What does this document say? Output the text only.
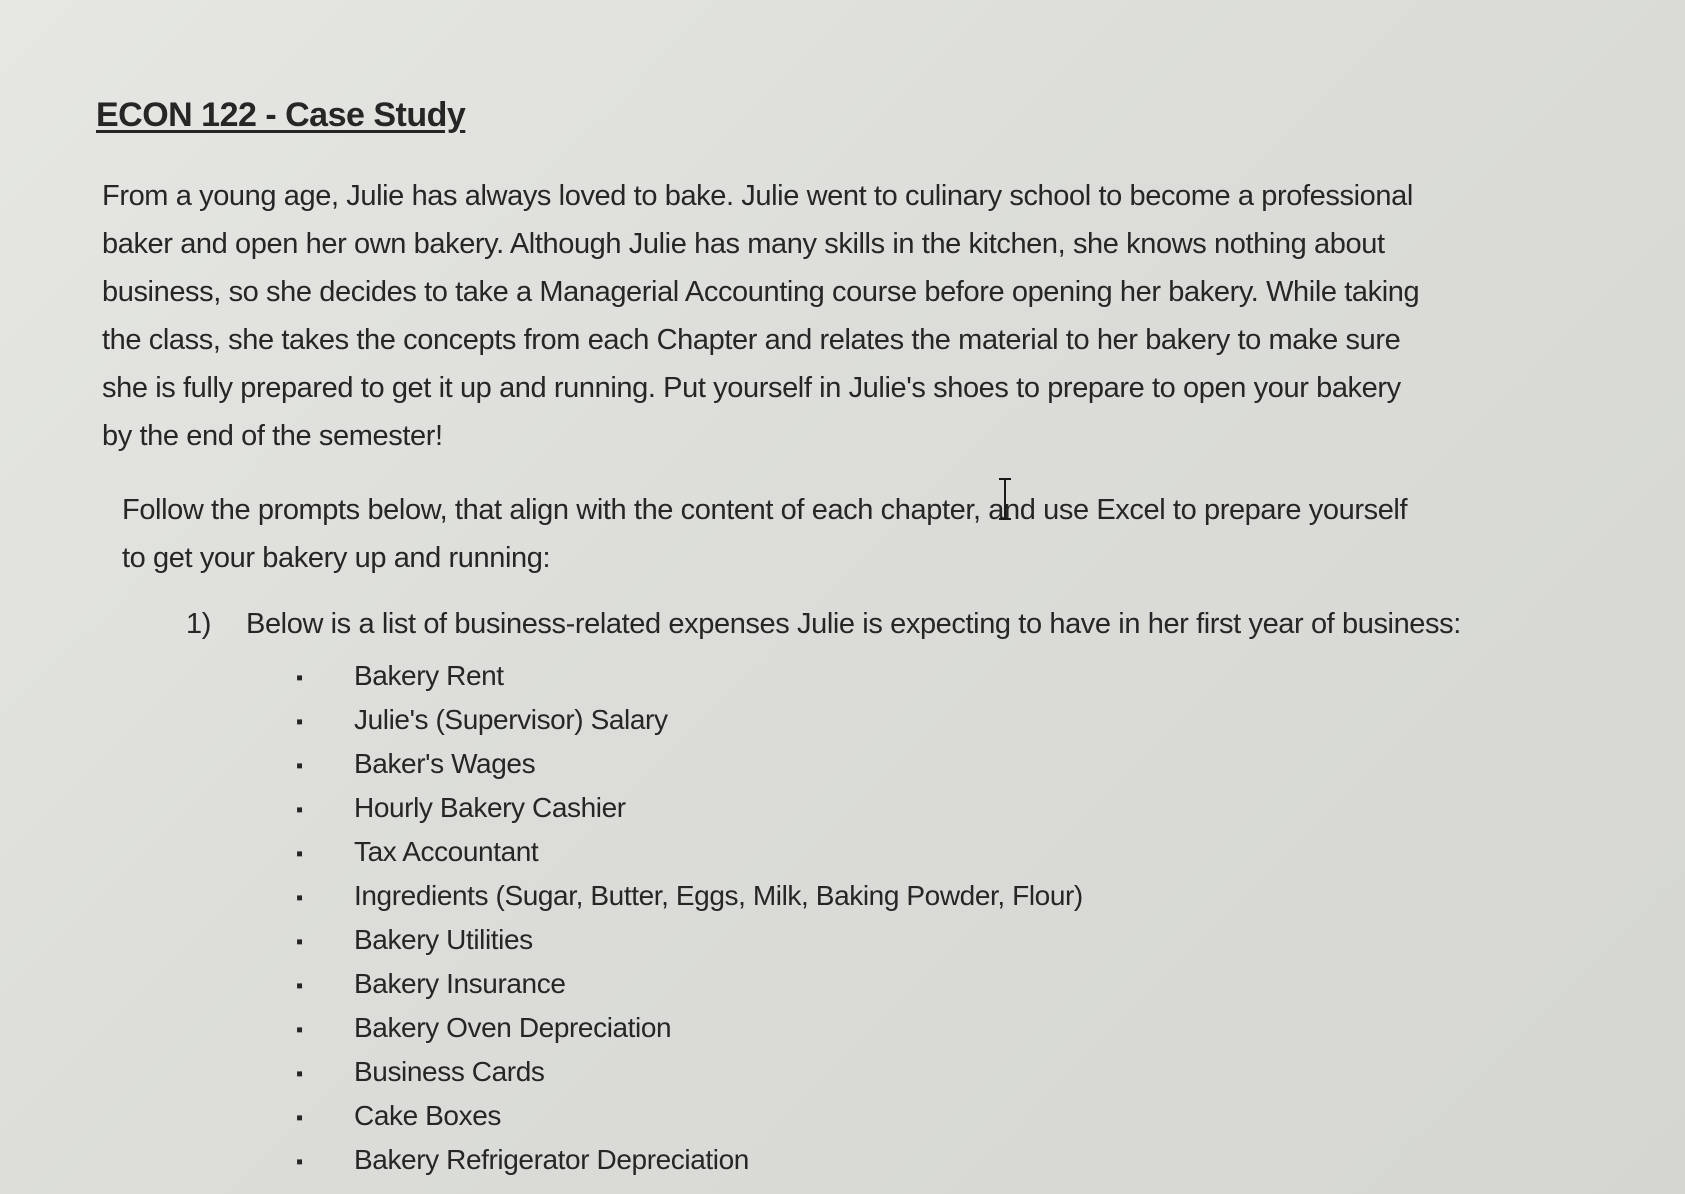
ECON 122 - Case Study
From a young age, Julie has always loved to bake. Julie went to culinary school to become a professional
baker and open her own bakery. Although Julie has many skills in the kitchen, she knows nothing about
business, so she decides to take a Managerial Accounting course before opening her bakery. While taking
the class, she takes the concepts from each Chapter and relates the material to her bakery to make sure
she is fully prepared to get it up and running. Put yourself in Julie's shoes to prepare to open your bakery
by the end of the semester!
Follow the prompts below, that align with the content of each chapter, and use Excel to prepare yourself
to get your bakery up and running:
1) Below is a list of business-related expenses Julie is expecting to have in her first year of business:
▪ Bakery Rent
▪ Julie's (Supervisor) Salary
▪ Baker's Wages
▪ Hourly Bakery Cashier
▪ Tax Accountant
▪ Ingredients (Sugar, Butter, Eggs, Milk, Baking Powder, Flour)
▪ Bakery Utilities
▪ Bakery Insurance
▪ Bakery Oven Depreciation
▪ Business Cards
▪ Cake Boxes
▪ Bakery Refrigerator Depreciation
